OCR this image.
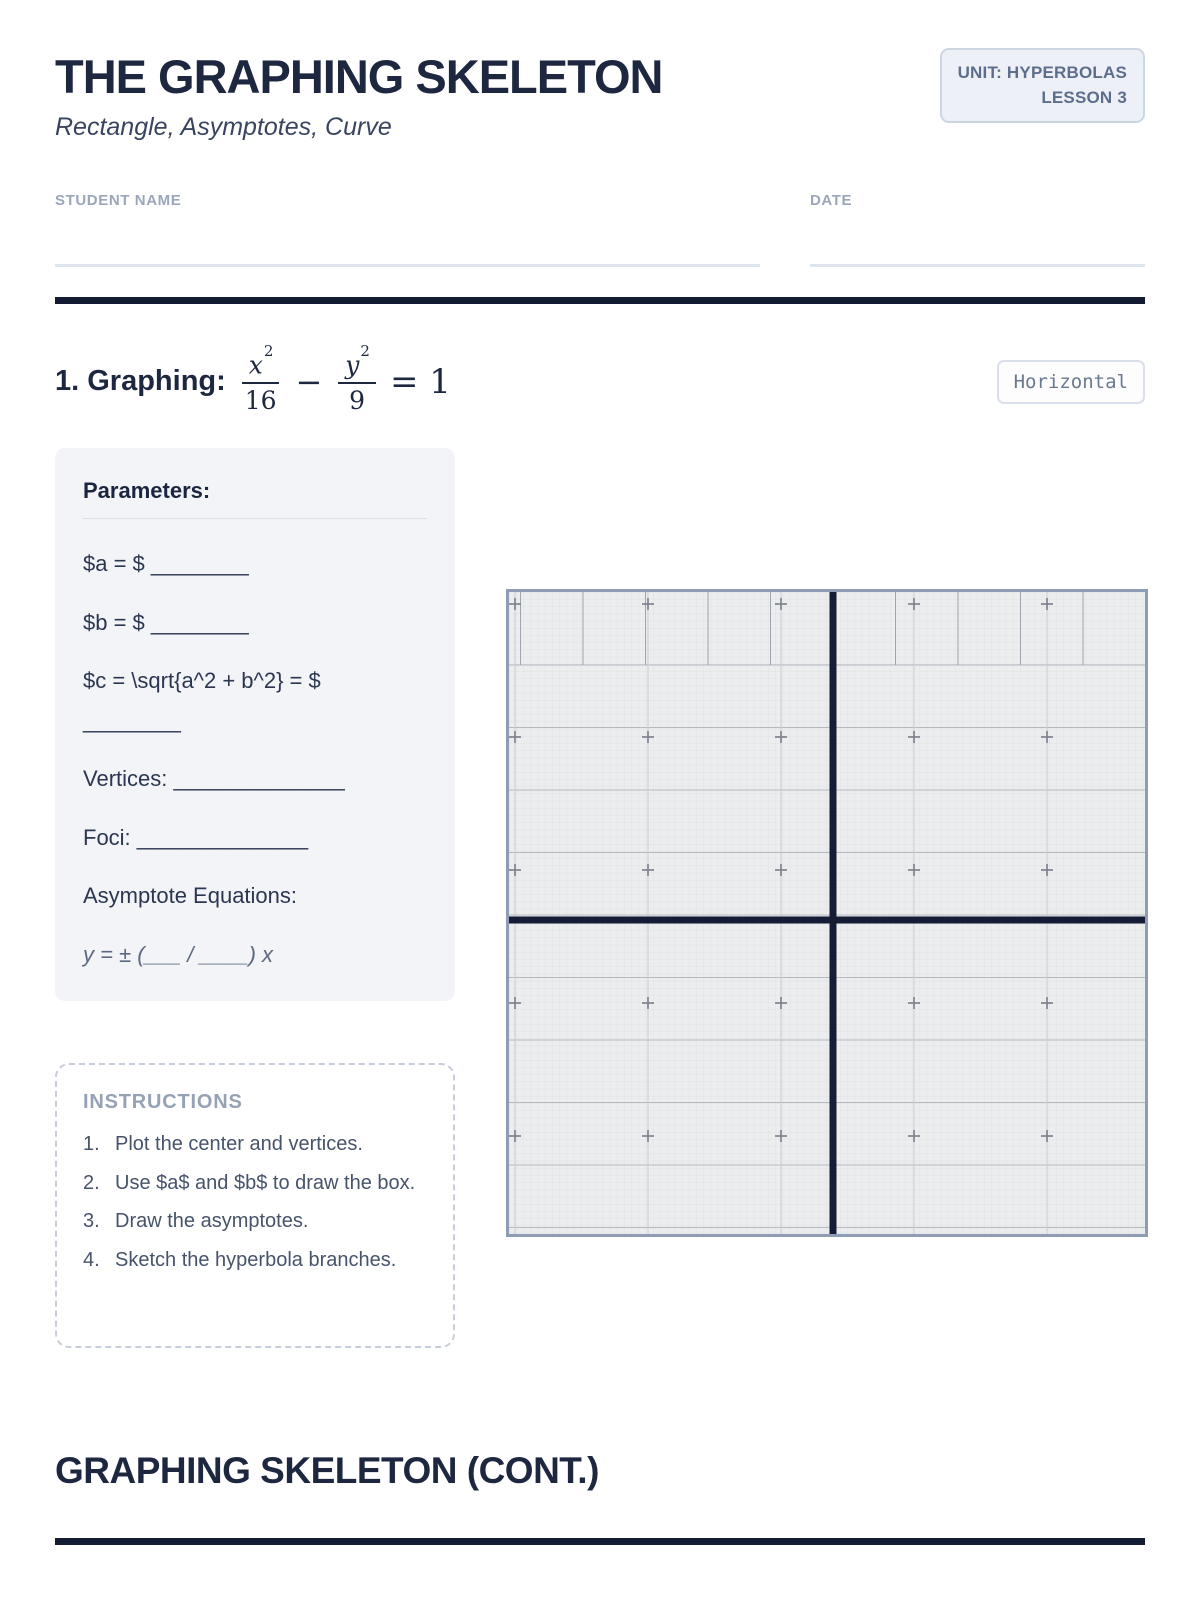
THE GRAPHING SKELETON
Rectangle, Asymptotes, Curve
UNIT: HYPERBOLAS
LESSON 3
STUDENT NAME	DATE
1. Graphing: $\frac{x^2}{16} - \frac{y^2}{9} = 1$	Horizontal
Parameters:
$a = $ ________
$b = $ ________
$c = \sqrt{a^2 + b^2} = $
________
Vertices: ______________
Foci: ______________
Asymptote Equations:
y = ± (___ / ____) x
INSTRUCTIONS
1. Plot the center and vertices.
2. Use $a$ and $b$ to draw the box.
3. Draw the asymptotes.
4. Sketch the hyperbola branches.
GRAPHING SKELETON (CONT.)
